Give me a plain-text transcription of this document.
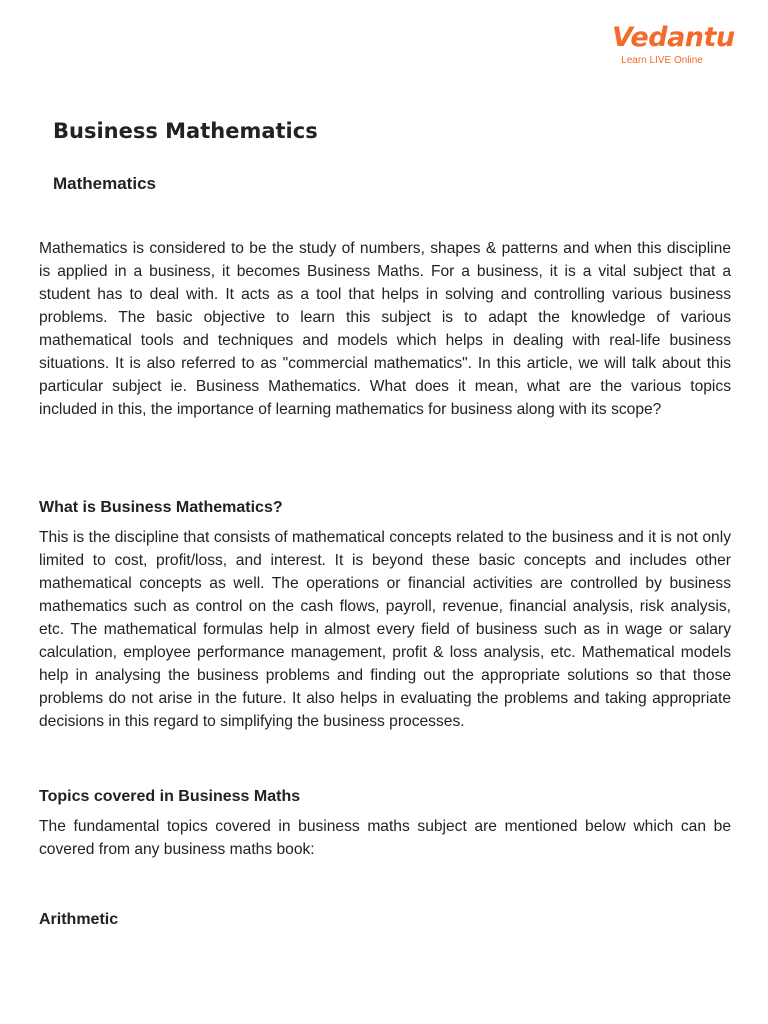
Vedantu
Learn LIVE Online
Business Mathematics
Mathematics

Mathematics is considered to be the study of numbers, shapes & patterns and when this discipline is applied in a business, it becomes Business Maths. For a business, it is a vital subject that a student has to deal with. It acts as a tool that helps in solving and controlling various business problems. The basic objective to learn this subject is to adapt the knowledge of various mathematical tools and techniques and models which helps in dealing with real-life business situations. It is also referred to as "commercial mathematics". In this article, we will talk about this particular subject ie. Business Mathematics. What does it mean, what are the various topics included in this, the importance of learning mathematics for business along with its scope?

What is Business Mathematics?

This is the discipline that consists of mathematical concepts related to the business and it is not only limited to cost, profit/loss, and interest. It is beyond these basic concepts and includes other mathematical concepts as well. The operations or financial activities are controlled by business mathematics such as control on the cash flows, payroll, revenue, financial analysis, risk analysis, etc. The mathematical formulas help in almost every field of business such as in wage or salary calculation, employee performance management, profit & loss analysis, etc. Mathematical models help in analysing the business problems and finding out the appropriate solutions so that those problems do not arise in the future. It also helps in evaluating the problems and taking appropriate decisions in this regard to simplifying the business processes.

Topics covered in Business Maths

The fundamental topics covered in business maths subject are mentioned below which can be covered from any business maths book:

Arithmetic
